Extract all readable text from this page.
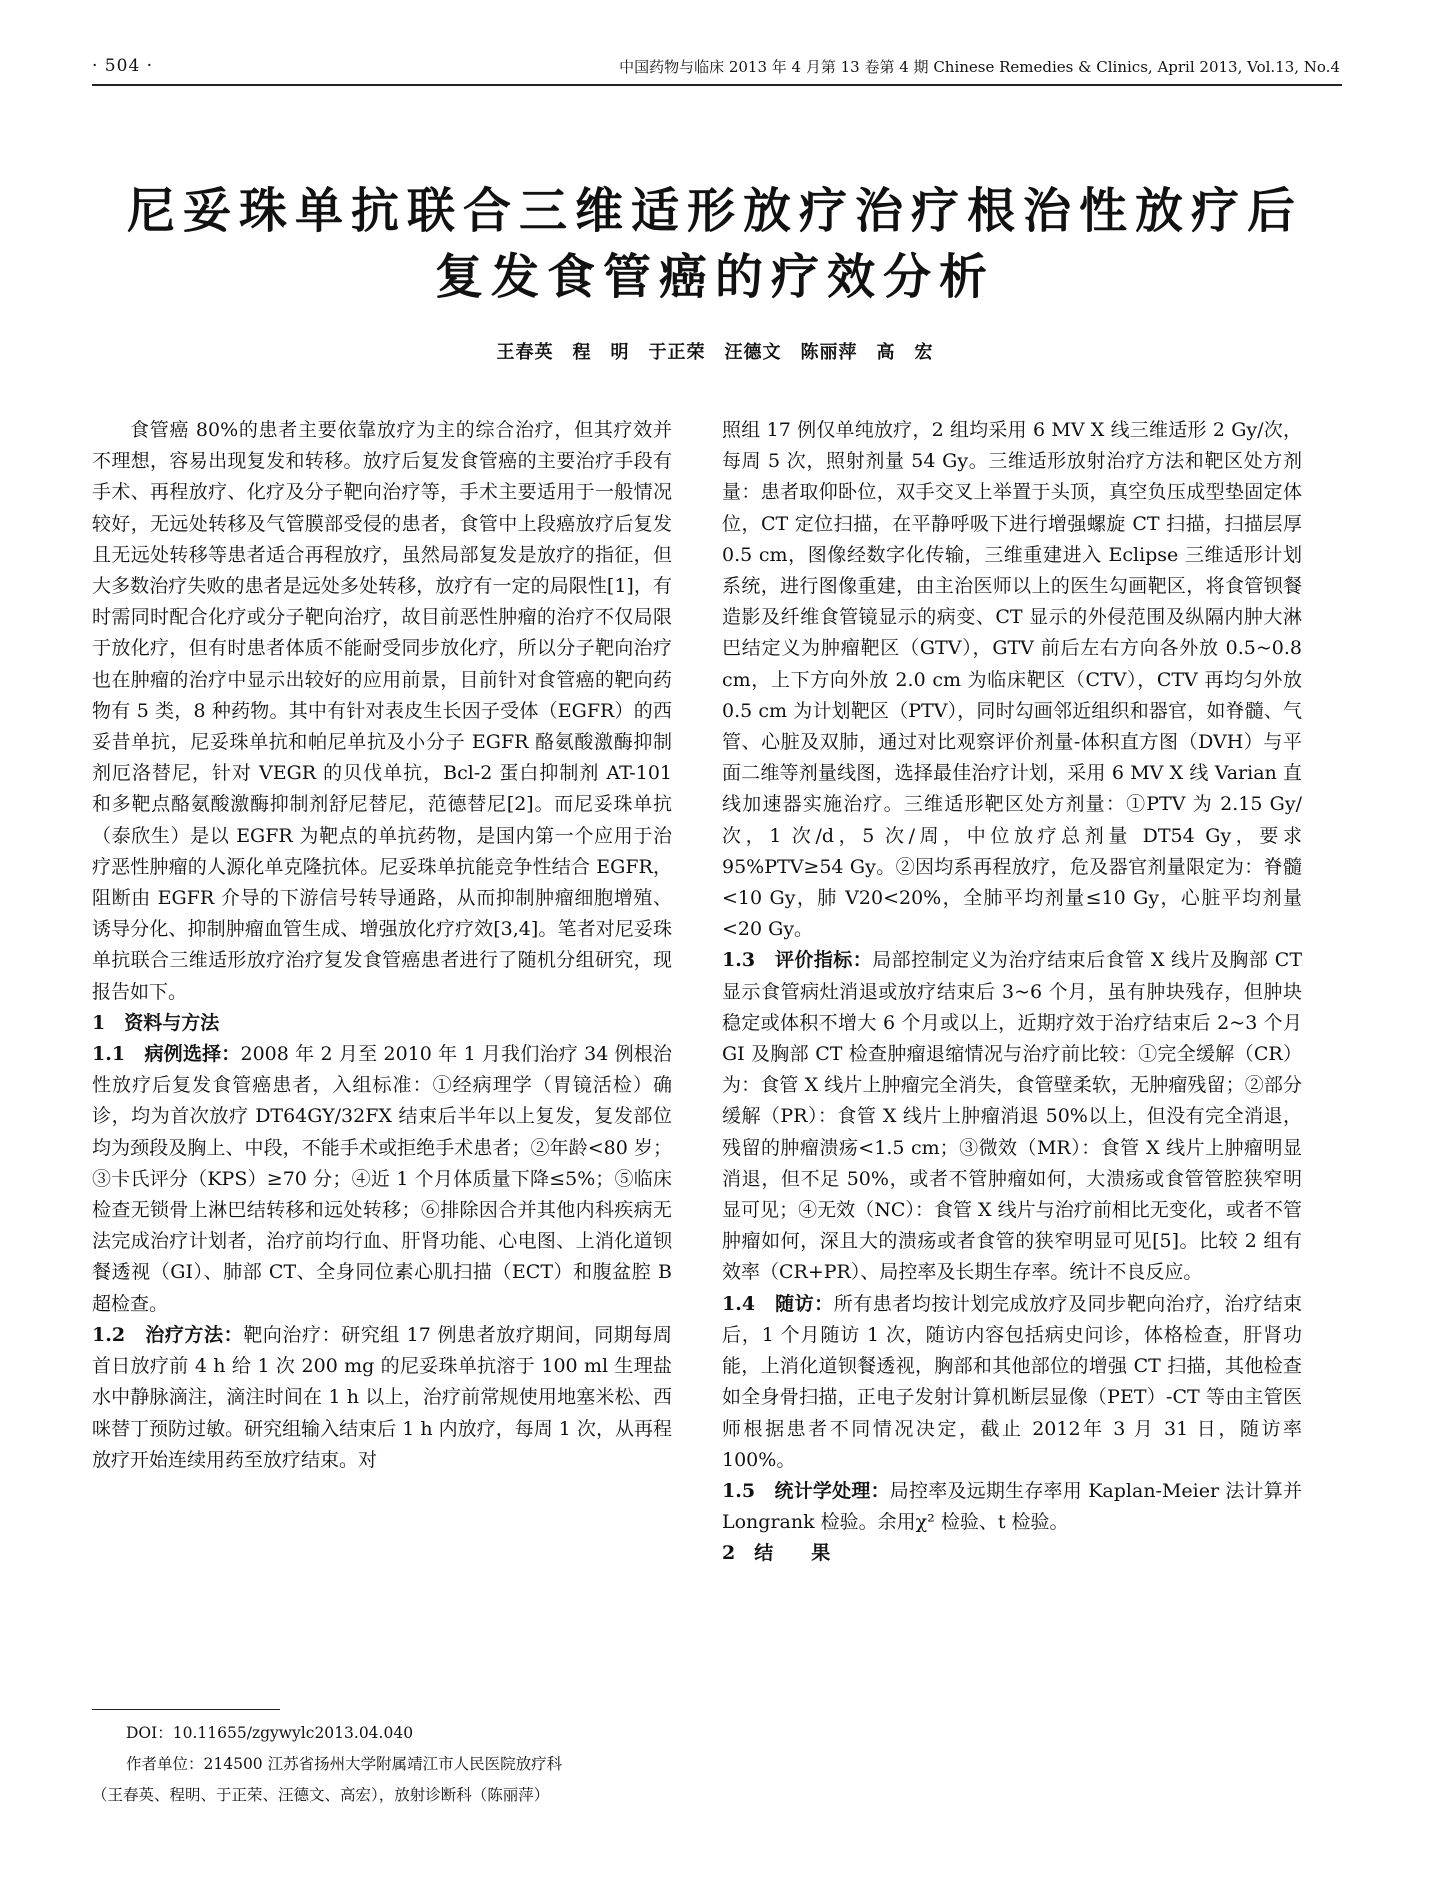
· 504 ·	中国药物与临床 2013 年 4 月第 13 卷第 4 期 Chinese Remedies & Clinics, April 2013, Vol.13, No.4
尼妥珠单抗联合三维适形放疗治疗根治性放疗后
复发食管癌的疗效分析
王春英　程　明　于正荣　汪德文　陈丽萍　高　宏

食管癌 80%的患者主要依靠放疗为主的综合治疗，但其疗效并不理想，容易出现复发和转移。放疗后复发食管癌的主要治疗手段有手术、再程放疗、化疗及分子靶向治疗等，手术主要适用于一般情况较好，无远处转移及气管膜部受侵的患者，食管中上段癌放疗后复发且无远处转移等患者适合再程放疗，虽然局部复发是放疗的指征，但大多数治疗失败的患者是远处多处转移，放疗有一定的局限性[1]，有时需同时配合化疗或分子靶向治疗，故目前恶性肿瘤的治疗不仅局限于放化疗，但有时患者体质不能耐受同步放化疗，所以分子靶向治疗也在肿瘤的治疗中显示出较好的应用前景，目前针对食管癌的靶向药物有 5 类，8 种药物。其中有针对表皮生长因子受体（EGFR）的西妥昔单抗，尼妥珠单抗和帕尼单抗及小分子 EGFR 酪氨酸激酶抑制剂厄洛替尼，针对 VEGR 的贝伐单抗，Bcl-2 蛋白抑制剂 AT-101 和多靶点酪氨酸激酶抑制剂舒尼替尼，范德替尼[2]。而尼妥珠单抗（泰欣生）是以 EGFR 为靶点的单抗药物，是国内第一个应用于治疗恶性肿瘤的人源化单克隆抗体。尼妥珠单抗能竞争性结合 EGFR，阻断由 EGFR 介导的下游信号转导通路，从而抑制肿瘤细胞增殖、诱导分化、抑制肿瘤血管生成、增强放化疗疗效[3,4]。笔者对尼妥珠单抗联合三维适形放疗治疗复发食管癌患者进行了随机分组研究，现报告如下。

1　资料与方法

1.1　病例选择：2008 年 2 月至 2010 年 1 月我们治疗 34 例根治性放疗后复发食管癌患者，入组标准：①经病理学（胃镜活检）确诊，均为首次放疗 DT64GY/32FX 结束后半年以上复发，复发部位均为颈段及胸上、中段，不能手术或拒绝手术患者；②年龄<80 岁；③卡氏评分（KPS）≥70 分；④近 1 个月体质量下降≤5%；⑤临床检查无锁骨上淋巴结转移和远处转移；⑥排除因合并其他内科疾病无法完成治疗计划者，治疗前均行血、肝肾功能、心电图、上消化道钡餐透视（GI）、肺部 CT、全身同位素心肌扫描（ECT）和腹盆腔 B 超检查。

1.2　治疗方法：靶向治疗：研究组 17 例患者放疗期间，同期每周首日放疗前 4 h 给 1 次 200 mg 的尼妥珠单抗溶于 100 ml 生理盐水中静脉滴注，滴注时间在 1 h 以上，治疗前常规使用地塞米松、西咪替丁预防过敏。研究组输入结束后 1 h 内放疗，每周 1 次，从再程放疗开始连续用药至放疗结束。对

照组 17 例仅单纯放疗，2 组均采用 6 MV X 线三维适形 2 Gy/次，每周 5 次，照射剂量 54 Gy。三维适形放射治疗方法和靶区处方剂量：患者取仰卧位，双手交叉上举置于头顶，真空负压成型垫固定体位，CT 定位扫描，在平静呼吸下进行增强螺旋 CT 扫描，扫描层厚 0.5 cm，图像经数字化传输，三维重建进入 Eclipse 三维适形计划系统，进行图像重建，由主治医师以上的医生勾画靶区，将食管钡餐造影及纤维食管镜显示的病变、CT 显示的外侵范围及纵隔内肿大淋巴结定义为肿瘤靶区（GTV），GTV 前后左右方向各外放 0.5~0.8 cm，上下方向外放 2.0 cm 为临床靶区（CTV），CTV 再均匀外放 0.5 cm 为计划靶区（PTV），同时勾画邻近组织和器官，如脊髓、气管、心脏及双肺，通过对比观察评价剂量-体积直方图（DVH）与平面二维等剂量线图，选择最佳治疗计划，采用 6 MV X 线 Varian 直线加速器实施治疗。三维适形靶区处方剂量：①PTV 为 2.15 Gy/次，1 次/d，5 次/周，中位放疗总剂量 DT54 Gy，要求 95%PTV≥54 Gy。②因均系再程放疗，危及器官剂量限定为：脊髓<10 Gy，肺 V20<20%，全肺平均剂量≤10 Gy，心脏平均剂量<20 Gy。

1.3　评价指标：局部控制定义为治疗结束后食管 X 线片及胸部 CT 显示食管病灶消退或放疗结束后 3~6 个月，虽有肿块残存，但肿块稳定或体积不增大 6 个月或以上，近期疗效于治疗结束后 2~3 个月 GI 及胸部 CT 检查肿瘤退缩情况与治疗前比较：①完全缓解（CR）为：食管 X 线片上肿瘤完全消失，食管壁柔软，无肿瘤残留；②部分缓解（PR）：食管 X 线片上肿瘤消退 50%以上，但没有完全消退，残留的肿瘤溃疡<1.5 cm；③微效（MR）：食管 X 线片上肿瘤明显消退，但不足 50%，或者不管肿瘤如何，大溃疡或食管管腔狭窄明显可见；④无效（NC）：食管 X 线片与治疗前相比无变化，或者不管肿瘤如何，深且大的溃疡或者食管的狭窄明显可见[5]。比较 2 组有效率（CR+PR）、局控率及长期生存率。统计不良反应。

1.4　随访：所有患者均按计划完成放疗及同步靶向治疗，治疗结束后，1 个月随访 1 次，随访内容包括病史问诊，体格检查，肝肾功能，上消化道钡餐透视，胸部和其他部位的增强 CT 扫描，其他检查如全身骨扫描，正电子发射计算机断层显像（PET）-CT 等由主管医师根据患者不同情况决定，截止 2012年 3 月 31 日，随访率 100%。

1.5　统计学处理：局控率及远期生存率用 Kaplan-Meier 法计算并 Longrank 检验。余用χ² 检验、t 检验。

2　结　　果

DOI：10.11655/zgywylc2013.04.040
作者单位：214500 江苏省扬州大学附属靖江市人民医院放疗科
（王春英、程明、于正荣、汪德文、高宏），放射诊断科（陈丽萍）
